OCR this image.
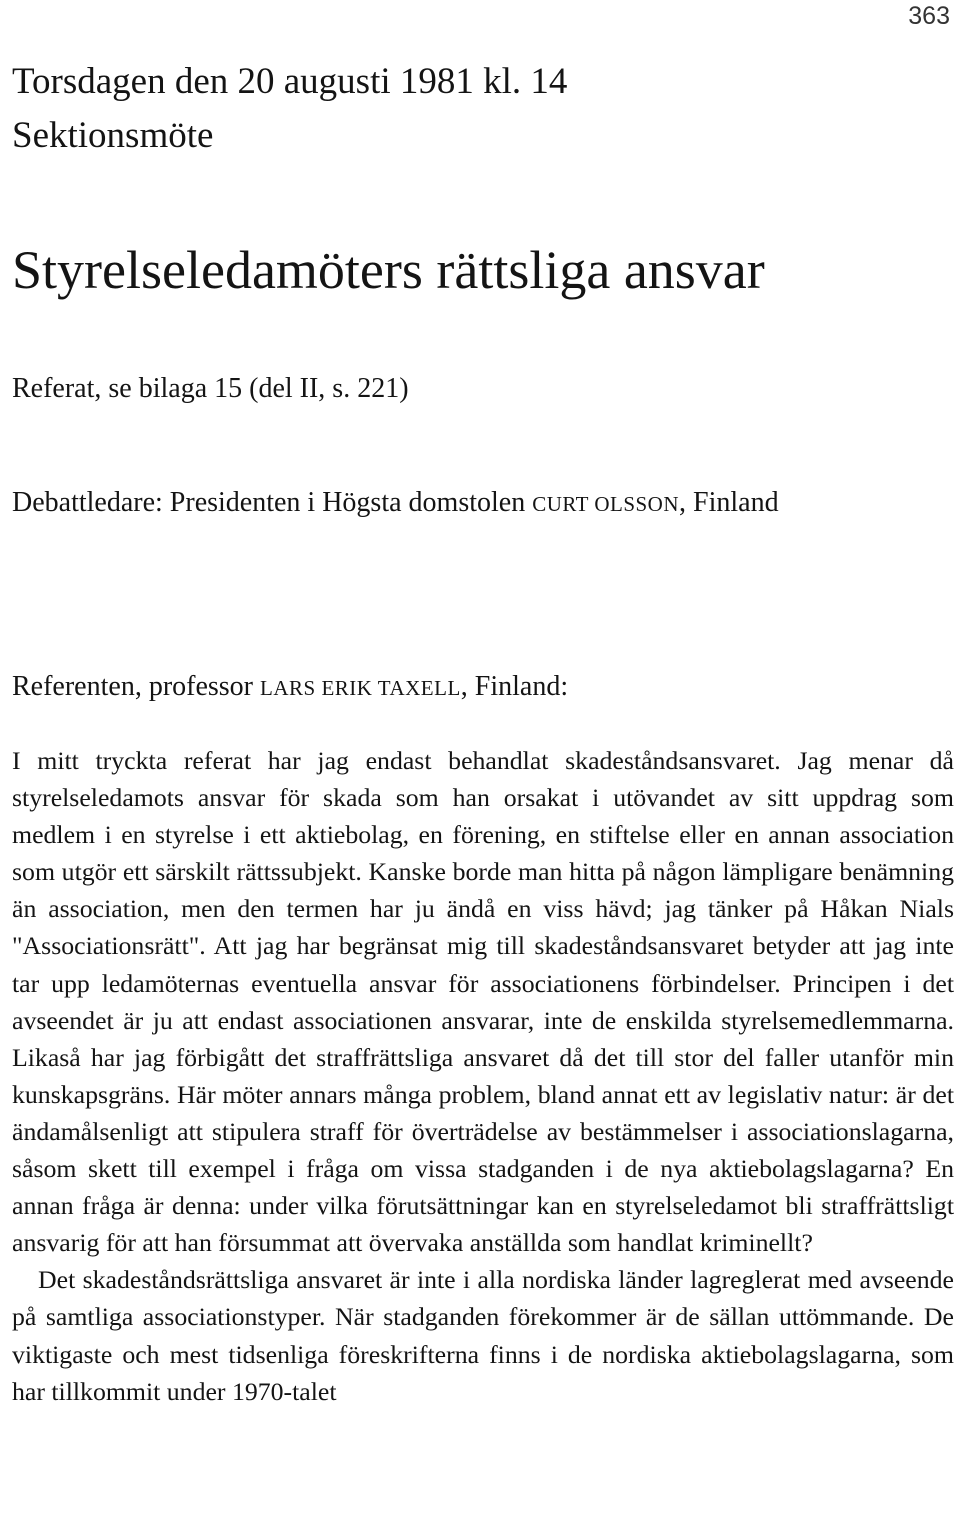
363
Torsdagen den 20 augusti 1981 kl. 14
Sektionsmöte
Styrelseledamöters rättsliga ansvar
Referat, se bilaga 15 (del II, s. 221)
Debattledare: Presidenten i Högsta domstolen CURT OLSSON, Finland
Referenten, professor LARS ERIK TAXELL, Finland:

I mitt tryckta referat har jag endast behandlat skadeståndsansvaret. Jag menar då styrelseledamots ansvar för skada som han orsakat i utövandet av sitt uppdrag som medlem i en styrelse i ett aktiebolag, en förening, en stiftelse eller en annan association som utgör ett särskilt rättssubjekt. Kanske borde man hitta på någon lämpligare benämning än association, men den termen har ju ändå en viss hävd; jag tänker på Håkan Nials "Associationsrätt". Att jag har begränsat mig till skadeståndsansvaret betyder att jag inte tar upp ledamöternas eventuella ansvar för associationens förbindelser. Principen i det avseendet är ju att endast associationen ansvarar, inte de enskilda styrelsemedlemmarna. Likaså har jag förbigått det straffrättsliga ansvaret då det till stor del faller utanför min kunskapsgräns. Här möter annars många problem, bland annat ett av legislativ natur: är det ändamålsenligt att stipulera straff för överträdelse av bestämmelser i associationslagarna, såsom skett till exempel i fråga om vissa stadganden i de nya aktiebolagslagarna? En annan fråga är denna: under vilka förutsättningar kan en styrelseledamot bli straffrättsligt ansvarig för att han försummat att övervaka anställda som handlat kriminellt?

Det skadeståndsrättsliga ansvaret är inte i alla nordiska länder lagreglerat med avseende på samtliga associationstyper. När stadganden förekommer är de sällan uttömmande. De viktigaste och mest tidsenliga föreskrifterna finns i de nordiska aktiebolagslagarna, som har tillkommit under 1970-talet
